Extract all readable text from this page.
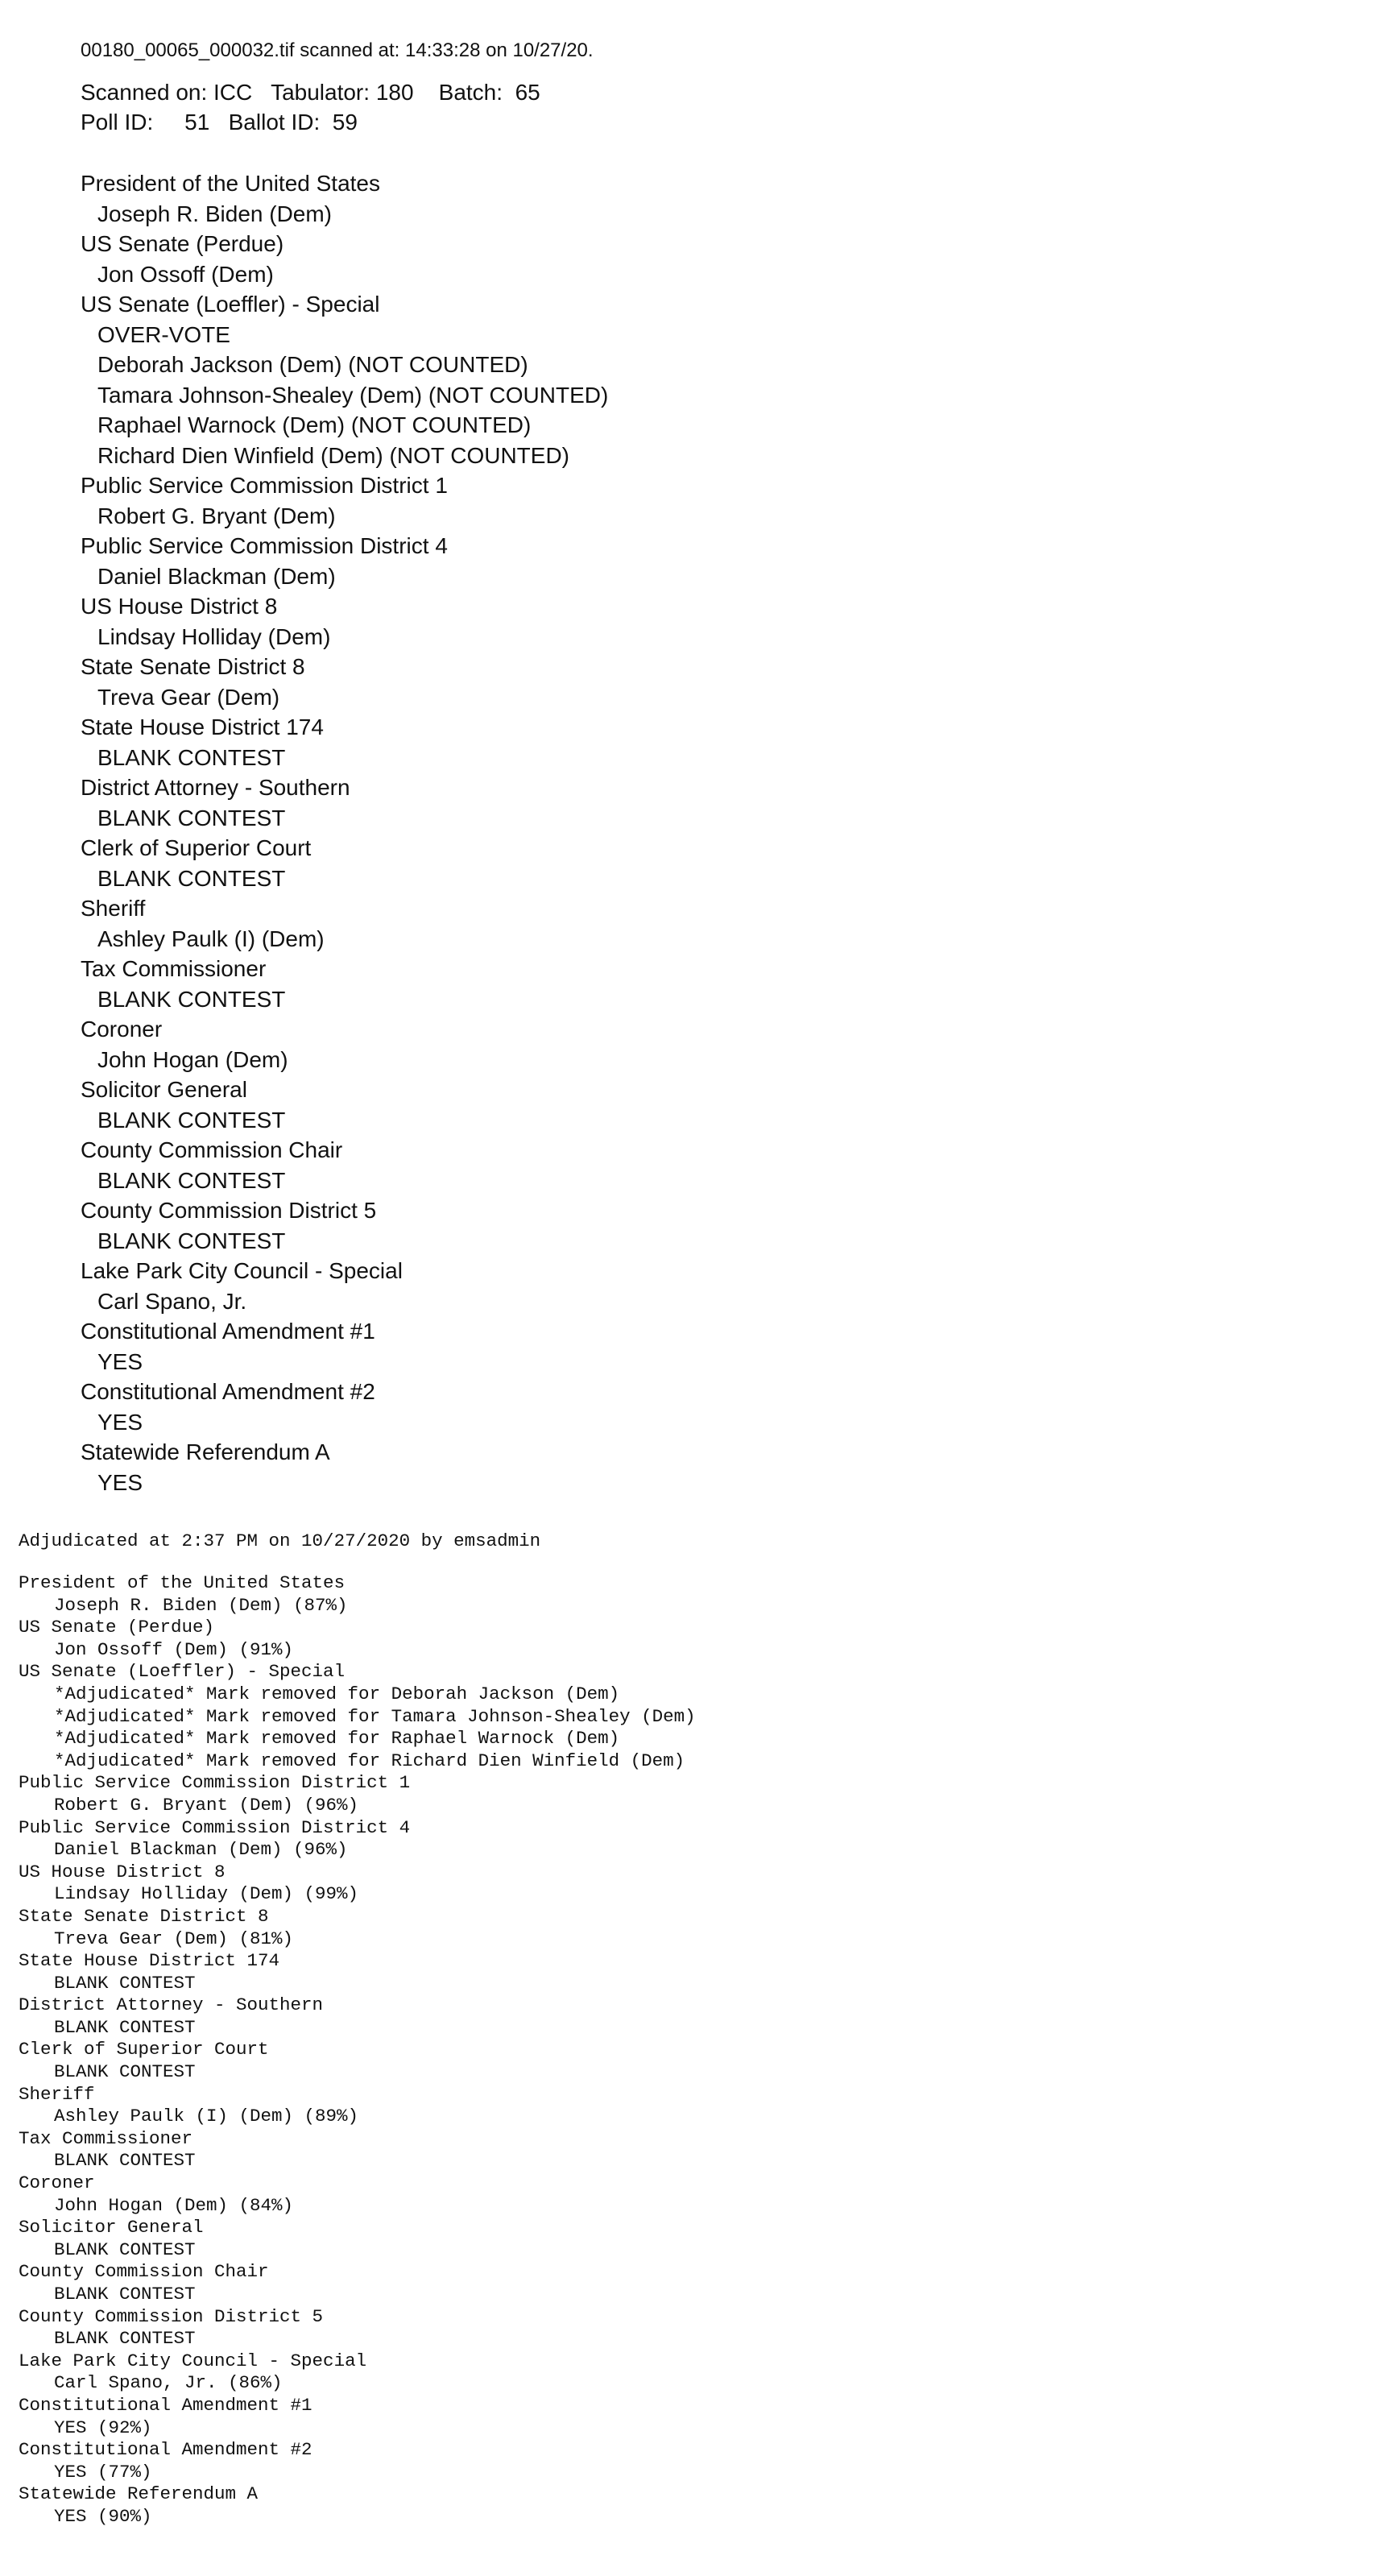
00180_00065_000032.tif scanned at: 14:33:28 on 10/27/20.
Scanned on: ICC   Tabulator: 180    Batch:  65
Poll ID:     51   Ballot ID:  59
President of the United States
Joseph R. Biden (Dem)
US Senate (Perdue)
Jon Ossoff (Dem)
US Senate (Loeffler) - Special
OVER-VOTE
Deborah Jackson (Dem) (NOT COUNTED)
Tamara Johnson-Shealey (Dem) (NOT COUNTED)
Raphael Warnock (Dem) (NOT COUNTED)
Richard Dien Winfield (Dem) (NOT COUNTED)
Public Service Commission District 1
Robert G. Bryant (Dem)
Public Service Commission District 4
Daniel Blackman (Dem)
US House District 8
Lindsay Holliday (Dem)
State Senate District 8
Treva Gear (Dem)
State House District 174
BLANK CONTEST
District Attorney - Southern
BLANK CONTEST
Clerk of Superior Court
BLANK CONTEST
Sheriff
Ashley Paulk (I) (Dem)
Tax Commissioner
BLANK CONTEST
Coroner
John Hogan (Dem)
Solicitor General
BLANK CONTEST
County Commission Chair
BLANK CONTEST
County Commission District 5
BLANK CONTEST
Lake Park City Council - Special
Carl Spano, Jr.
Constitutional Amendment #1
YES
Constitutional Amendment #2
YES
Statewide Referendum A
YES
Adjudicated at 2:37 PM on 10/27/2020 by emsadmin
President of the United States
Joseph R. Biden (Dem) (87%)
US Senate (Perdue)
Jon Ossoff (Dem) (91%)
US Senate (Loeffler) - Special
*Adjudicated* Mark removed for Deborah Jackson (Dem)
*Adjudicated* Mark removed for Tamara Johnson-Shealey (Dem)
*Adjudicated* Mark removed for Raphael Warnock (Dem)
*Adjudicated* Mark removed for Richard Dien Winfield (Dem)
Public Service Commission District 1
Robert G. Bryant (Dem) (96%)
Public Service Commission District 4
Daniel Blackman (Dem) (96%)
US House District 8
Lindsay Holliday (Dem) (99%)
State Senate District 8
Treva Gear (Dem) (81%)
State House District 174
BLANK CONTEST
District Attorney - Southern
BLANK CONTEST
Clerk of Superior Court
BLANK CONTEST
Sheriff
Ashley Paulk (I) (Dem) (89%)
Tax Commissioner
BLANK CONTEST
Coroner
John Hogan (Dem) (84%)
Solicitor General
BLANK CONTEST
County Commission Chair
BLANK CONTEST
County Commission District 5
BLANK CONTEST
Lake Park City Council - Special
Carl Spano, Jr. (86%)
Constitutional Amendment #1
YES (92%)
Constitutional Amendment #2
YES (77%)
Statewide Referendum A
YES (90%)
